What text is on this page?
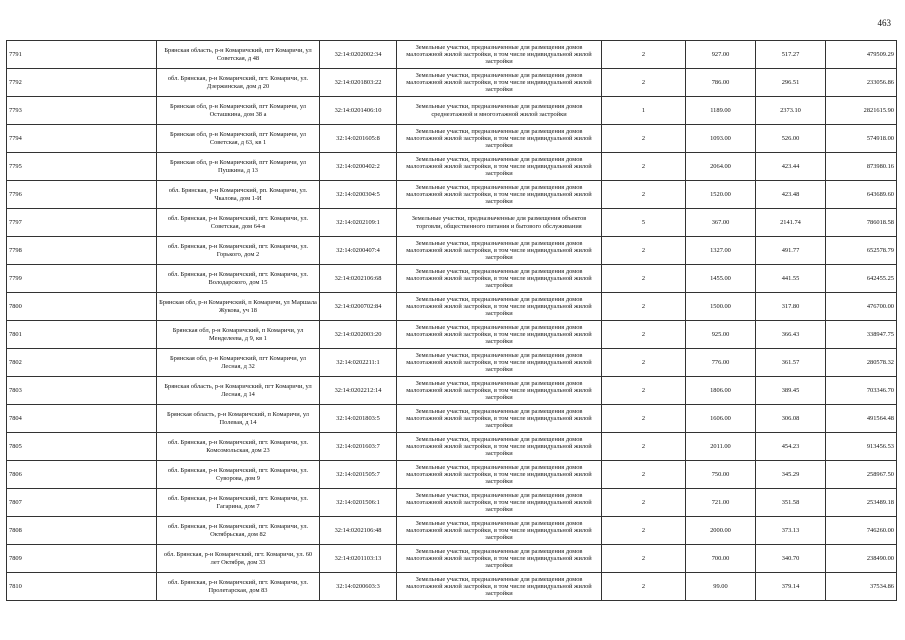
463
7791	Брянская область, р-н Комаричский, пгт Комаричи, ул Советская, д 48	32:14:0202002:34	Земельные участки, предназначенные для размещения домов малоэтажной жилой застройки, в том числе индивидуальной жилой застройки	2	927.00	517.27	479509.29
7792	обл. Брянская, р-н Комаричский, пгт. Комаричи, ул. Дзержинская, дом д 20	32:14:0201803:22	Земельные участки, предназначенные для размещения домов малоэтажной жилой застройки, в том числе индивидуальной жилой застройки	2	786.00	296.51	233056.86
7793	Брянская обл, р-н Комаричский, пгт Комаричи, ул Осташкина, дом 38 а	32:14:0201406:10	Земельные участки, предназначенные для размещения домов среднеэтажной и многоэтажной жилой застройки	1	1189.00	2373.10	2821615.90
7794	Брянская обл, р-н Комаричский, пгт Комаричи, ул Советская, д 63, кв 1	32:14:0201605:8	Земельные участки, предназначенные для размещения домов малоэтажной жилой застройки, в том числе индивидуальной жилой застройки	2	1093.00	526.00	574918.00
7795	Брянская обл, р-н Комаричский, пгт Комаричи, ул Пушкина, д 13	32:14:0200402:2	Земельные участки, предназначенные для размещения домов малоэтажной жилой застройки, в том числе индивидуальной жилой застройки	2	2064.00	423.44	873980.16
7796	обл. Брянская, р-н Комаричский, рп. Комаричи, ул. Чкалова, дом 1-И	32:14:0200304:5	Земельные участки, предназначенные для размещения домов малоэтажной жилой застройки, в том числе индивидуальной жилой застройки	2	1520.00	423.48	643689.60
7797	обл. Брянская, р-н Комаричский, пгт. Комаричи, ул. Советская, дом 64-в	32:14:0202109:1	Земельные участки, предназначенные для размещения объектов торговли, общественного питания и бытового обслуживания	5	367.00	2141.74	786018.58
7798	обл. Брянская, р-н Комаричский, пгт. Комаричи, ул. Горького, дом 2	32:14:0200407:4	Земельные участки, предназначенные для размещения домов малоэтажной жилой застройки, в том числе индивидуальной жилой застройки	2	1327.00	491.77	652578.79
7799	обл. Брянская, р-н Комаричский, пгт. Комаричи, ул. Володарского, дом 15	32:14:0202106:68	Земельные участки, предназначенные для размещения домов малоэтажной жилой застройки, в том числе индивидуальной жилой застройки	2	1455.00	441.55	642455.25
7800	Брянская обл, р-н Комаричский, п Комаричи, ул Маршала Жукова, уч 18	32:14:0200702:84	Земельные участки, предназначенные для размещения домов малоэтажной жилой застройки, в том числе индивидуальной жилой застройки	2	1500.00	317.80	476700.00
7801	Брянская обл, р-н Комаричский, п Комаричи, ул Менделеева, д 9, кв 1	32:14:0202003:20	Земельные участки, предназначенные для размещения домов малоэтажной жилой застройки, в том числе индивидуальной жилой застройки	2	925.00	366.43	338947.75
7802	Брянская обл, р-н Комаричский, пгт Комаричи, ул Лесная, д 32	32:14:0202211:1	Земельные участки, предназначенные для размещения домов малоэтажной жилой застройки, в том числе индивидуальной жилой застройки	2	776.00	361.57	280578.32
7803	Брянская область, р-н Комаричский, пгт Комаричи, ул Лесная, д 14	32:14:0202212:14	Земельные участки, предназначенные для размещения домов малоэтажной жилой застройки, в том числе индивидуальной жилой застройки	2	1806.00	389.45	703346.70
7804	Брянская область, р-н Комаричский, п Комаричи, ул Полевая, д 14	32:14:0201803:5	Земельные участки, предназначенные для размещения домов малоэтажной жилой застройки, в том числе индивидуальной жилой застройки	2	1606.00	306.08	491564.48
7805	обл. Брянская, р-н Комаричский, пгт. Комаричи, ул. Комсомольская, дом 23	32:14:0201603:7	Земельные участки, предназначенные для размещения домов малоэтажной жилой застройки, в том числе индивидуальной жилой застройки	2	2011.00	454.23	913456.53
7806	обл. Брянская, р-н Комаричский, пгт. Комаричи, ул. Суворова, дом 9	32:14:0201505:7	Земельные участки, предназначенные для размещения домов малоэтажной жилой застройки, в том числе индивидуальной жилой застройки	2	750.00	345.29	258967.50
7807	обл. Брянская, р-н Комаричский, пгт. Комаричи, ул. Гагарина, дом 7	32:14:0201506:1	Земельные участки, предназначенные для размещения домов малоэтажной жилой застройки, в том числе индивидуальной жилой застройки	2	721.00	351.58	253489.18
7808	обл. Брянская, р-н Комаричский, пгт. Комаричи, ул. Октябрьская, дом 82	32:14:0202106:48	Земельные участки, предназначенные для размещения домов малоэтажной жилой застройки, в том числе индивидуальной жилой застройки	2	2000.00	373.13	746260.00
7809	обл. Брянская, р-н Комаричский, пгт. Комаричи, ул. 60 лет Октября, дом 33	32:14:0201103:13	Земельные участки, предназначенные для размещения домов малоэтажной жилой застройки, в том числе индивидуальной жилой застройки	2	700.00	340.70	238490.00
7810	обл. Брянская, р-н Комаричский, пгт. Комаричи, ул. Пролетарская, дом 83	32:14:0200603:3	Земельные участки, предназначенные для размещения домов малоэтажной жилой застройки, в том числе индивидуальной жилой застройки	2	99.00	379.14	37534.86
